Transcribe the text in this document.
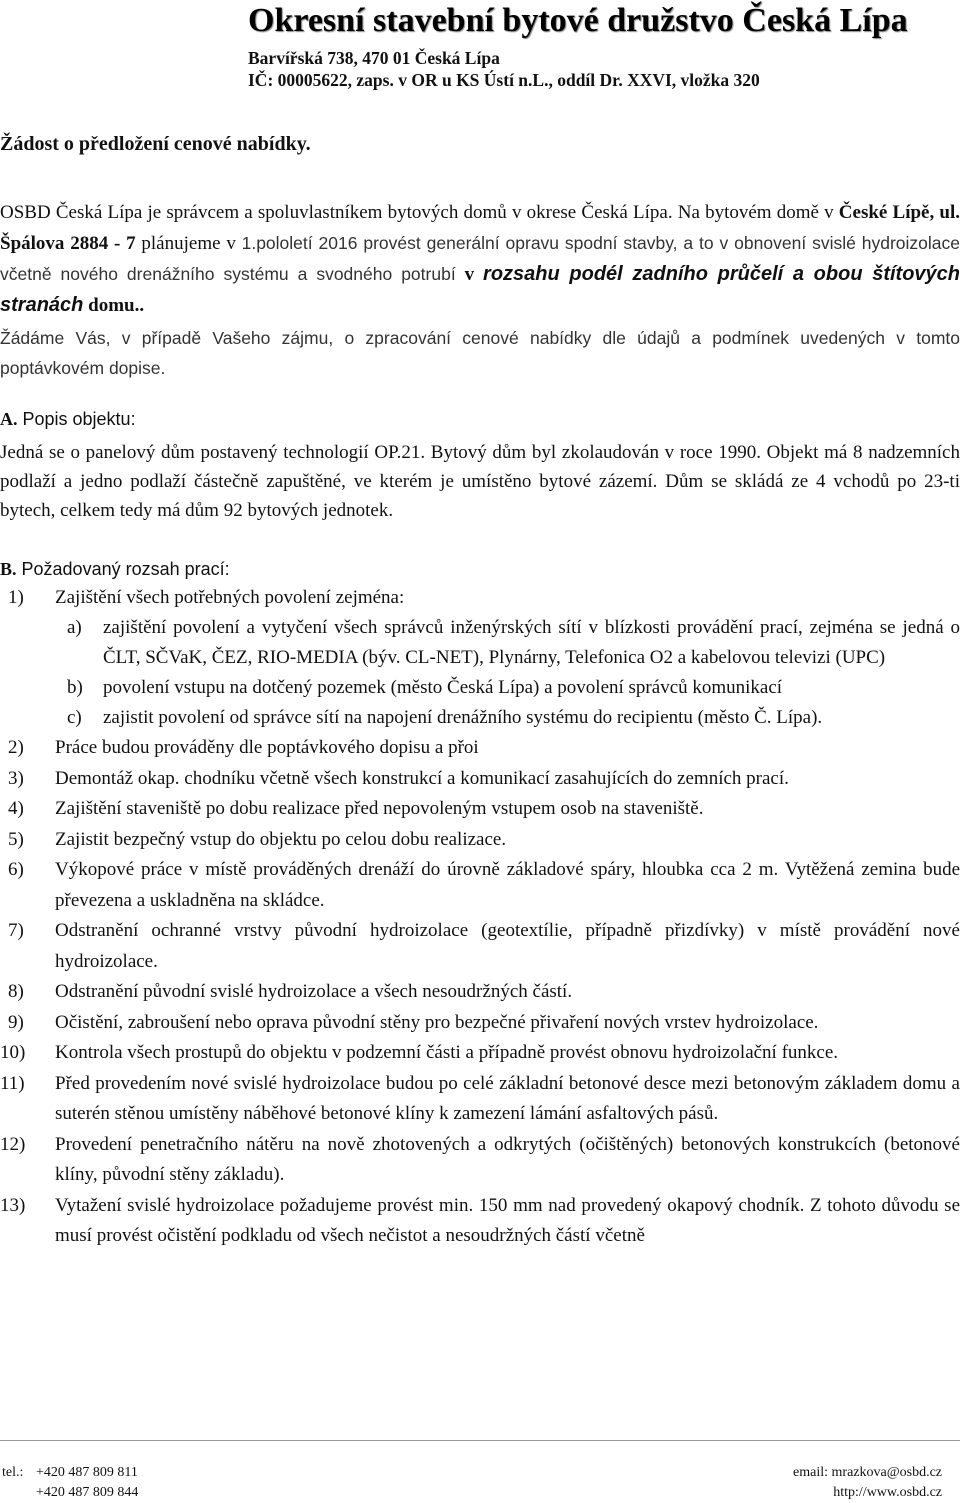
Okresní stavební bytové družstvo Česká Lípa

Barvířská 738, 470 01 Česká Lípa

IČ: 00005622, zaps. v OR u KS Ústí n.L., oddíl Dr. XXVI, vložka 320

Žádost o předložení cenové nabídky.

OSBD Česká Lípa je správcem a spoluvlastníkem bytových domů v okrese Česká Lípa. Na bytovém domě v České Lípě, ul. Špálova 2884 - 7 plánujeme v 1.pololetí 2016 provést generální opravu spodní stavby, a to v obnovení svislé hydroizolace včetně nového drenážního systému a svodného potrubí v rozsahu podél zadního průčelí a obou štítových stranách domu..

Žádáme Vás, v případě Vašeho zájmu, o zpracování cenové nabídky dle údajů a podmínek uvedených v tomto poptávkovém dopise.

A. Popis objektu:

Jedná se o panelový dům postavený technologií OP.21. Bytový dům byl zkolaudován v roce 1990. Objekt má 8 nadzemních podlaží a jedno podlaží částečně zapuštěné, ve kterém je umístěno bytové zázemí. Dům se skládá ze 4 vchodů po 23-ti bytech, celkem tedy má dům 92 bytových jednotek.

B. Požadovaný rozsah prací:

1) Zajištění všech potřebných povolení zejména:
a) zajištění povolení a vytyčení všech správců inženýrských sítí v blízkosti provádění prací, zejména se jedná o ČLT, SČVaK, ČEZ, RIO-MEDIA (býv. CL-NET), Plynárny, Telefonica O2 a kabelovou televizi (UPC)
b) povolení vstupu na dotčený pozemek (město Česká Lípa) a povolení správců komunikací
c) zajistit povolení od správce sítí na napojení drenážního systému do recipientu (město Č. Lípa).
2) Práce budou prováděny dle poptávkového dopisu a přoi
3) Demontáž okap. chodníku včetně všech konstrukcí a komunikací zasahujících do zemních prací.
4) Zajištění staveniště po dobu realizace před nepovoleným vstupem osob na staveniště.
5) Zajistit bezpečný vstup do objektu po celou dobu realizace.
6) Výkopové práce v místě prováděných drenáží do úrovně základové spáry, hloubka cca 2 m. Vytěžená zemina bude převezena a uskladněna na skládce.
7) Odstranění ochranné vrstvy původní hydroizolace (geotextílie, případně přizdívky) v místě provádění nové hydroizolace.
8) Odstranění původní svislé hydroizolace a všech nesoudržných částí.
9) Očistění, zabroušení nebo oprava původní stěny pro bezpečné přivaření nových vrstev hydroizolace.
10) Kontrola všech prostupů do objektu v podzemní části a případně provést obnovu hydroizolační funkce.
11) Před provedením nové svislé hydroizolace budou po celé základní betonové desce mezi betonovým základem domu a suterén stěnou umístěny náběhové betonové klíny k zamezení lámání asfaltových pásů.
12) Provedení penetračního nátěru na nově zhotovených a odkrytých (očištěných) betonových konstrukcích (betonové klíny, původní stěny základu).
13) Vytažení svislé hydroizolace požadujeme provést min. 150 mm nad provedený okapový chodník. Z tohoto důvodu se musí provést očistění podkladu od všech nečistot a nesoudržných částí včetně
tel.: +420 487 809 811
+420 487 809 844
email: mrazkova@osbd.cz
http://www.osbd.cz
